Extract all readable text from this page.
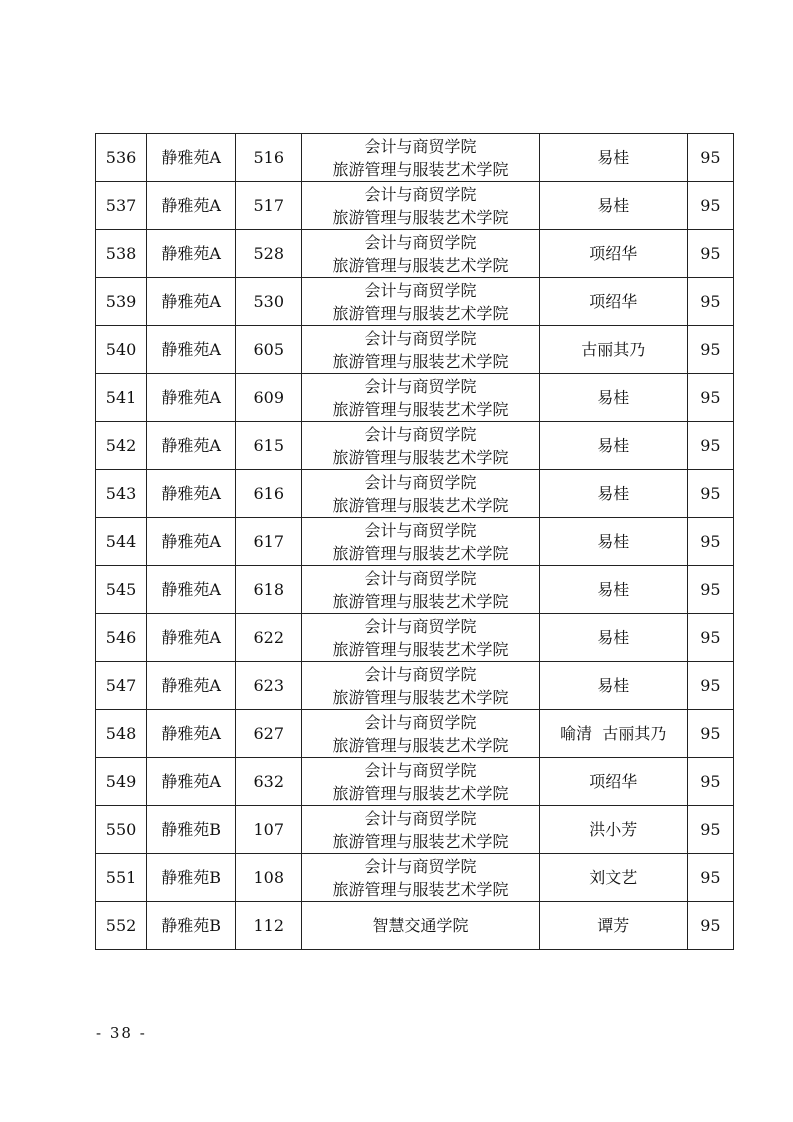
536	静雅苑A	516	会计与商贸学院
旅游管理与服装艺术学院	易桂	95
537	静雅苑A	517	会计与商贸学院
旅游管理与服装艺术学院	易桂	95
538	静雅苑A	528	会计与商贸学院
旅游管理与服装艺术学院	项绍华	95
539	静雅苑A	530	会计与商贸学院
旅游管理与服装艺术学院	项绍华	95
540	静雅苑A	605	会计与商贸学院
旅游管理与服装艺术学院	古丽其乃	95
541	静雅苑A	609	会计与商贸学院
旅游管理与服装艺术学院	易桂	95
542	静雅苑A	615	会计与商贸学院
旅游管理与服装艺术学院	易桂	95
543	静雅苑A	616	会计与商贸学院
旅游管理与服装艺术学院	易桂	95
544	静雅苑A	617	会计与商贸学院
旅游管理与服装艺术学院	易桂	95
545	静雅苑A	618	会计与商贸学院
旅游管理与服装艺术学院	易桂	95
546	静雅苑A	622	会计与商贸学院
旅游管理与服装艺术学院	易桂	95
547	静雅苑A	623	会计与商贸学院
旅游管理与服装艺术学院	易桂	95
548	静雅苑A	627	会计与商贸学院
旅游管理与服装艺术学院	喻清  古丽其乃	95
549	静雅苑A	632	会计与商贸学院
旅游管理与服装艺术学院	项绍华	95
550	静雅苑B	107	会计与商贸学院
旅游管理与服装艺术学院	洪小芳	95
551	静雅苑B	108	会计与商贸学院
旅游管理与服装艺术学院	刘文艺	95
552	静雅苑B	112	智慧交通学院	谭芳	95
- 38 -
